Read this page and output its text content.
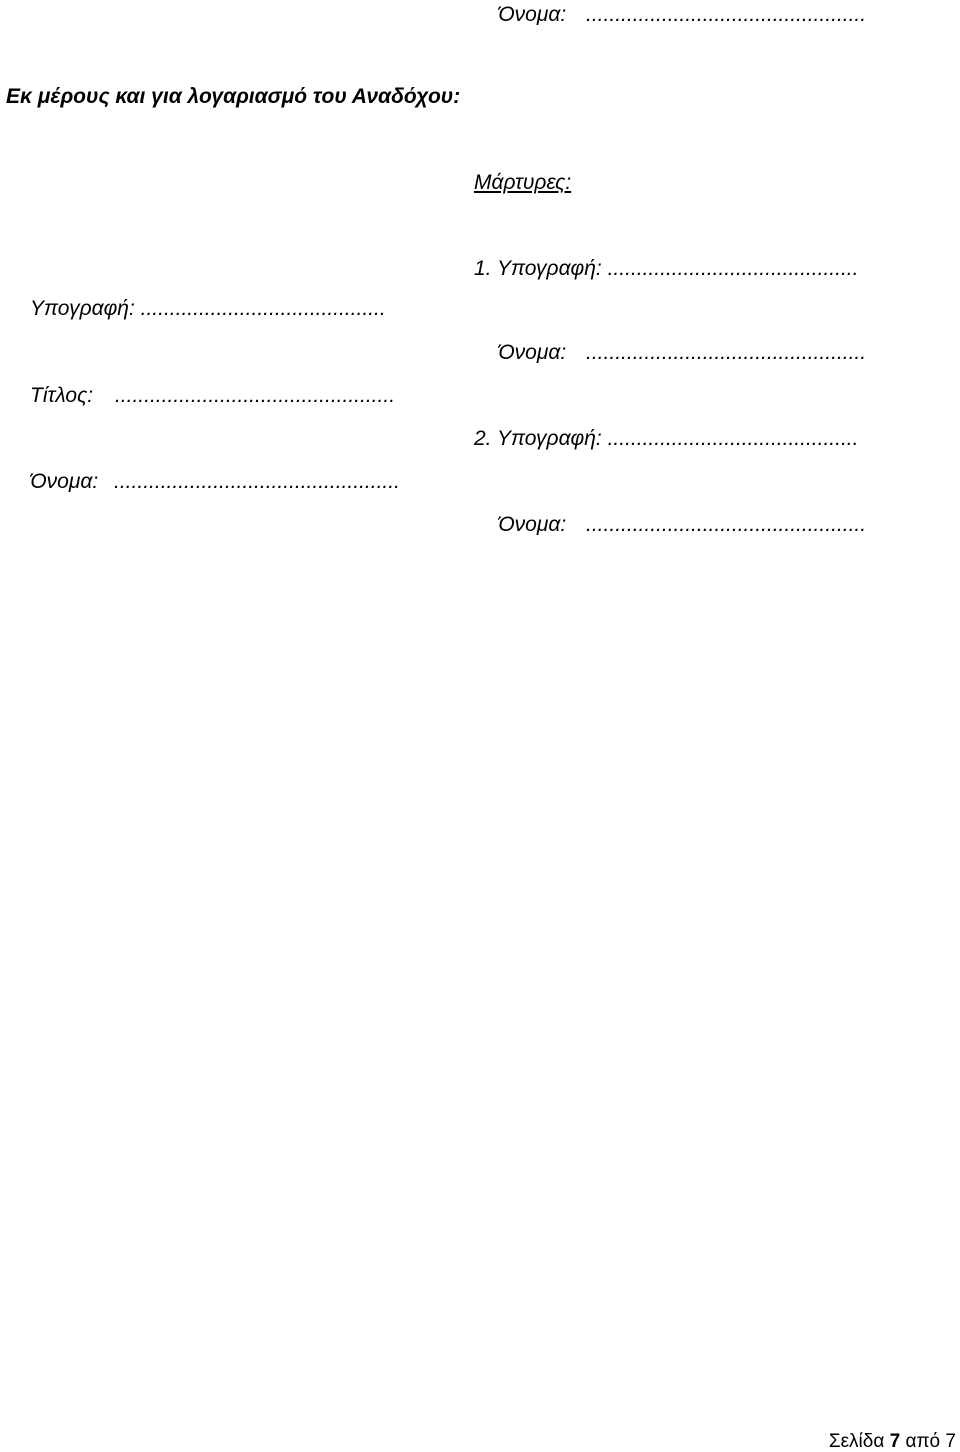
Όνομα: ................................................
Εκ μέρους και για λογαριασμό του Αναδόχου:
Μάρτυρες:
1. Υπογραφή: ...........................................
Υπογραφή: ..........................................
Όνομα: ................................................
Τίτλος: ................................................
2. Υπογραφή: ...........................................
Όνομα: .................................................
Όνομα: ................................................
Σελίδα 7 από 7
